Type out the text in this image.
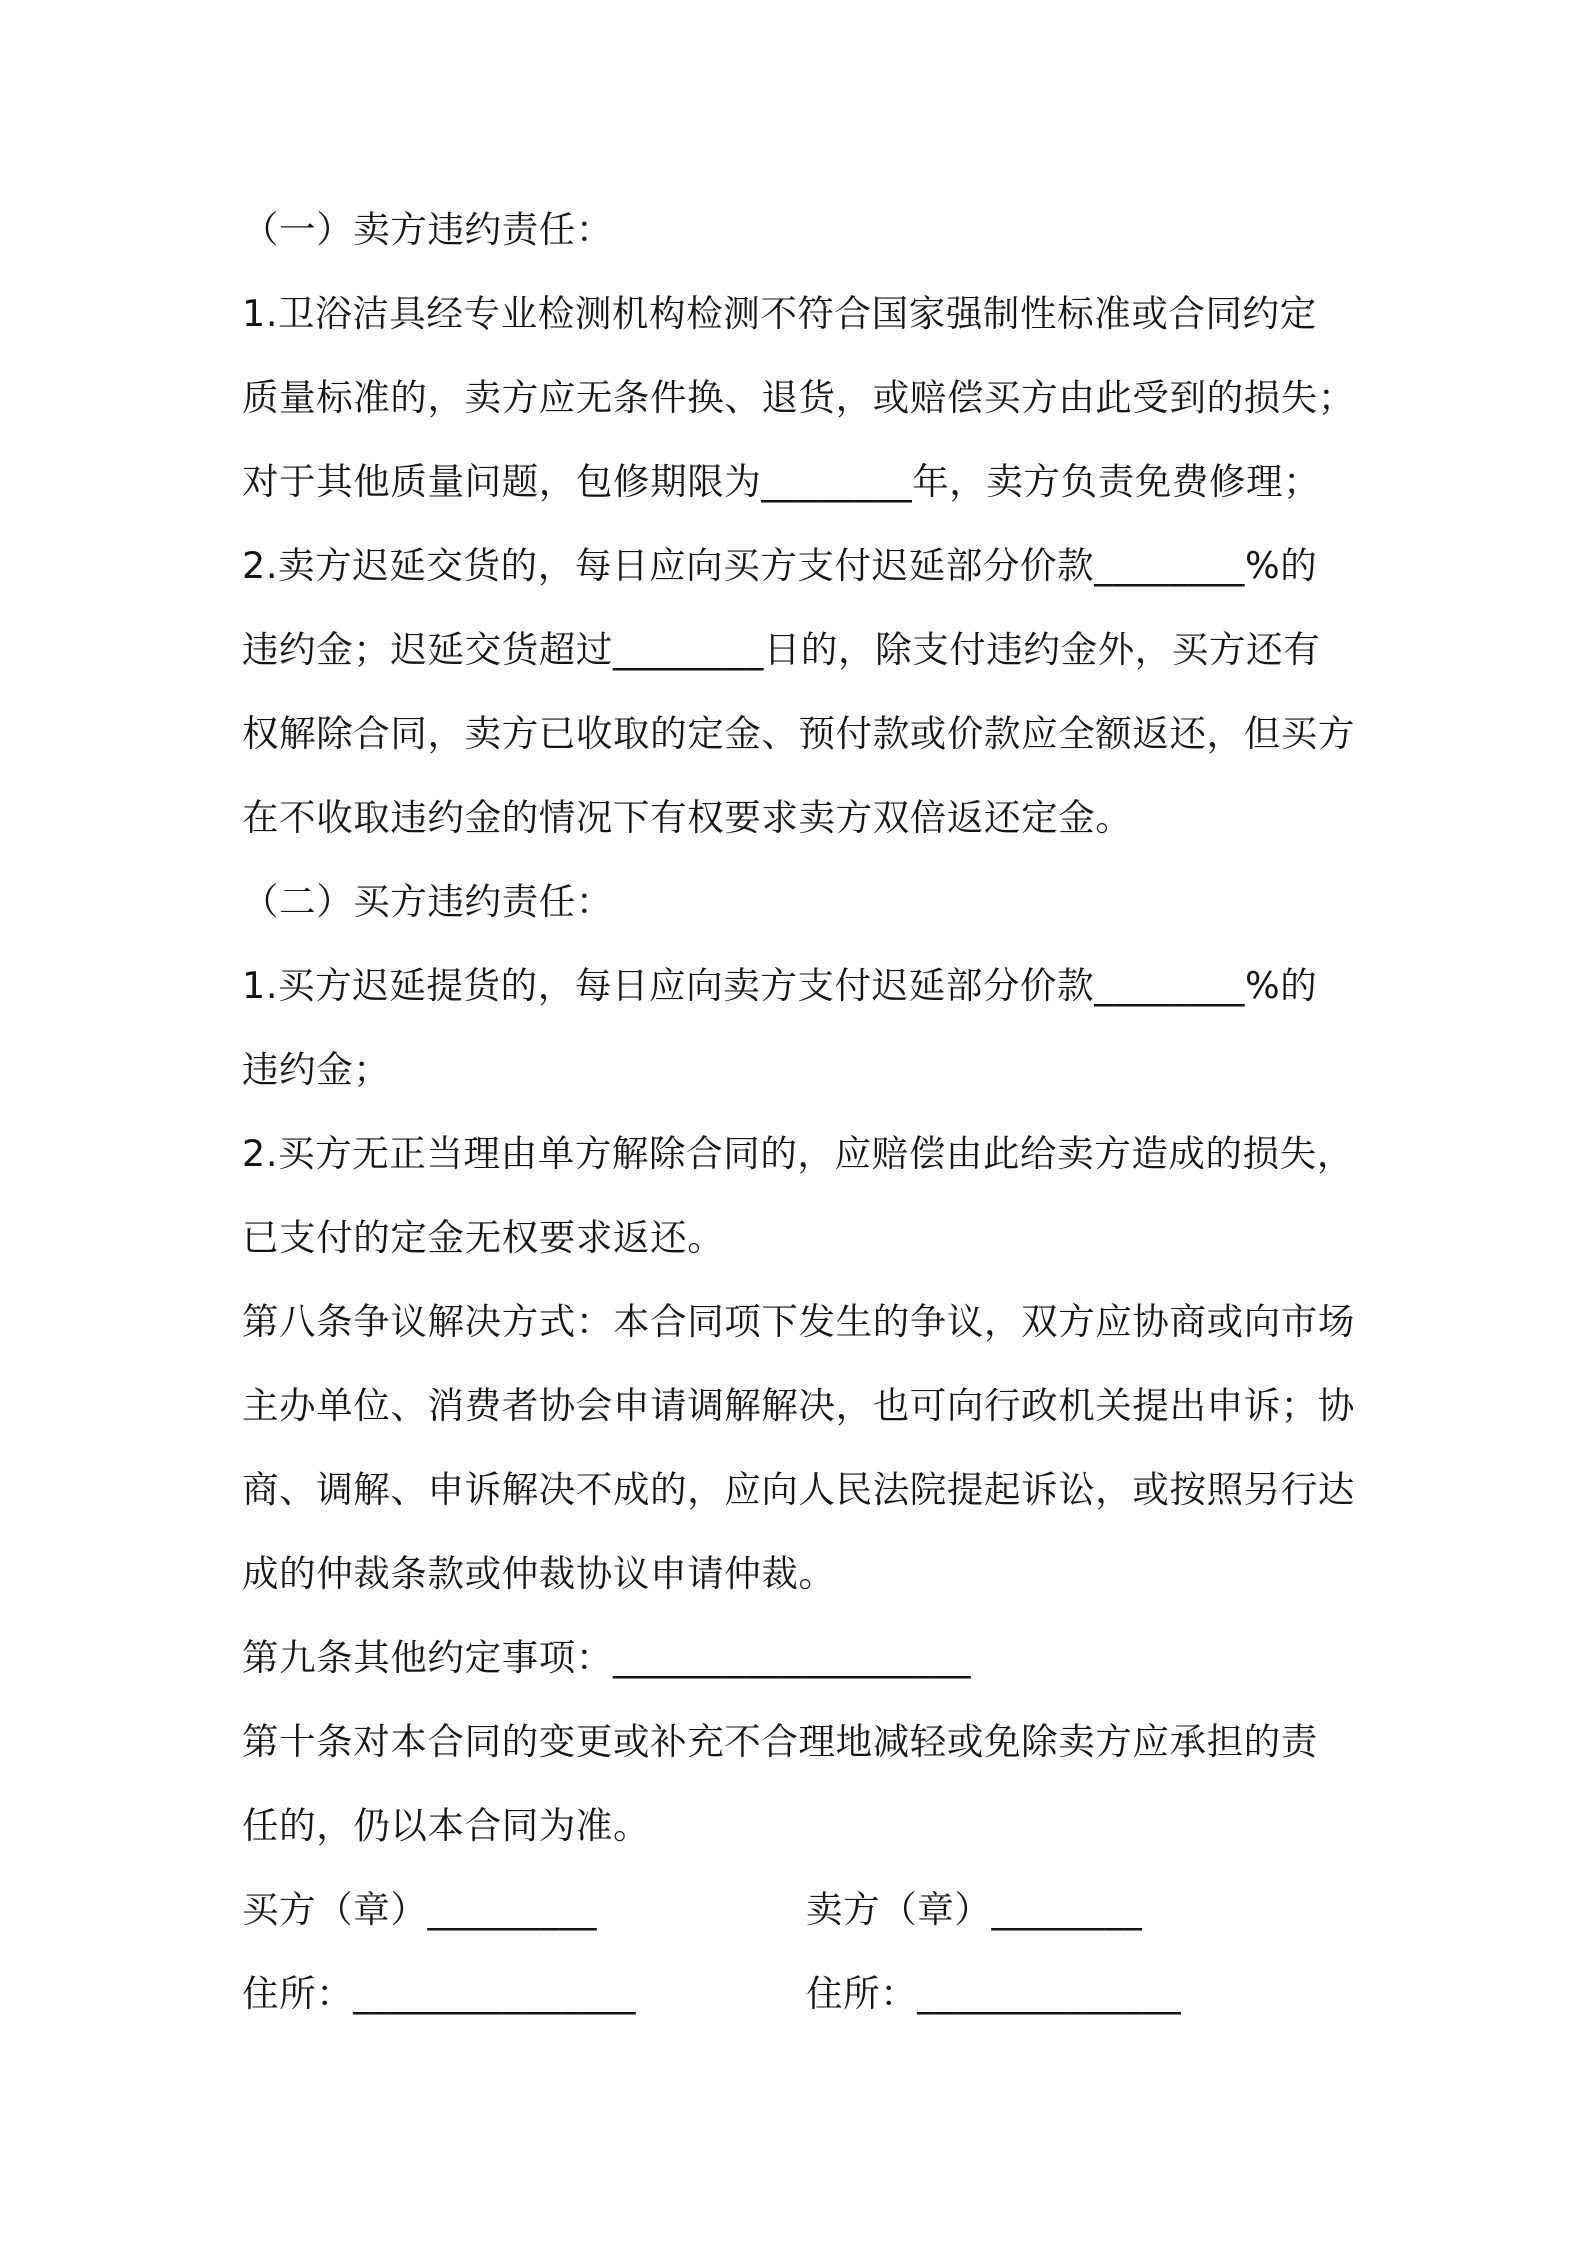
（一）卖方违约责任：
1.卫浴洁具经专业检测机构检测不符合国家强制性标准或合同约定
质量标准的，卖方应无条件换、退货，或赔偿买方由此受到的损失；
对于其他质量问题，包修期限为________年，卖方负责免费修理；
2.卖方迟延交货的，每日应向买方支付迟延部分价款________%的
违约金；迟延交货超过________日的，除支付违约金外，买方还有
权解除合同，卖方已收取的定金、预付款或价款应全额返还，但买方
在不收取违约金的情况下有权要求卖方双倍返还定金。
（二）买方违约责任：
1.买方迟延提货的，每日应向卖方支付迟延部分价款________%的
违约金；
2.买方无正当理由单方解除合同的，应赔偿由此给卖方造成的损失，
已支付的定金无权要求返还。
第八条争议解决方式：本合同项下发生的争议，双方应协商或向市场
主办单位、消费者协会申请调解解决，也可向行政机关提出申诉；协
商、调解、申诉解决不成的，应向人民法院提起诉讼，或按照另行达
成的仲裁条款或仲裁协议申请仲裁。
第九条其他约定事项：___________________
第十条对本合同的变更或补充不合理地减轻或免除卖方应承担的责
任的，仍以本合同为准。
买方（章）_________	卖方（章）________
住所：_______________	住所：______________
